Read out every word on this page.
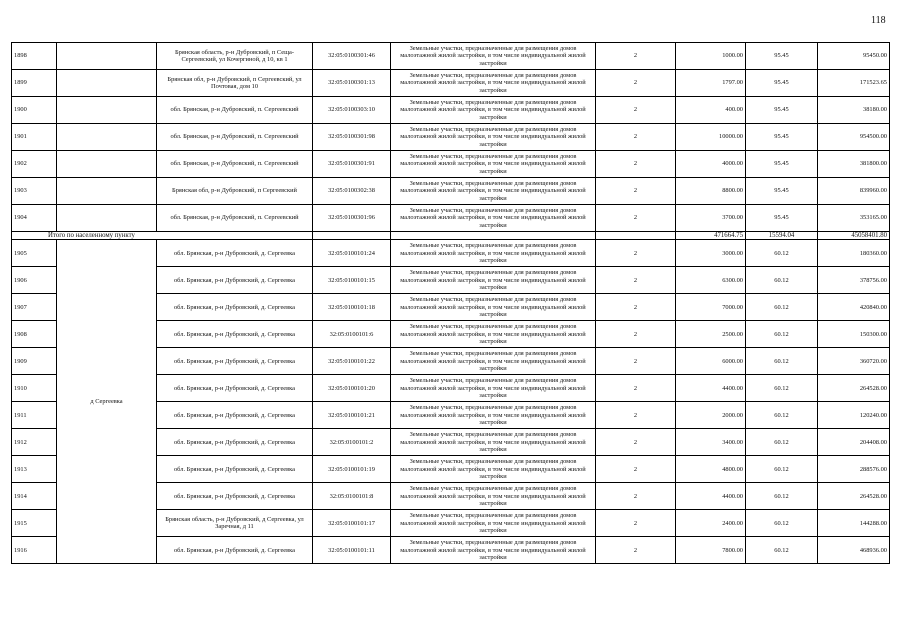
118
1898		Брянская область, р-н Дубровский, п Сеща-Сергеевский, ул Кочергиной, д 10, кв 1	32:05:0100301:46	Земельные участки, предназначенные для размещения домов малоэтажной жилой застройки, в том числе индивидуальной жилой застройки	2	1000.00	95.45	95450.00
1899		Брянская обл, р-н Дубровский, п Сергеевский, ул Почтовая, дом 10	32:05:0100301:13	Земельные участки, предназначенные для размещения домов малоэтажной жилой застройки, в том числе индивидуальной жилой застройки	2	1797.00	95.45	171523.65
1900		обл. Брянская, р-н Дубровский, п. Сергеевский	32:05:0100303:10	Земельные участки, предназначенные для размещения домов малоэтажной жилой застройки, в том числе индивидуальной жилой застройки	2	400.00	95.45	38180.00
1901		обл. Брянская, р-н Дубровский, п. Сергеевский	32:05:0100301:98	Земельные участки, предназначенные для размещения домов малоэтажной жилой застройки, в том числе индивидуальной жилой застройки	2	10000.00	95.45	954500.00
1902		обл. Брянская, р-н Дубровский, п. Сергеевский	32:05:0100301:91	Земельные участки, предназначенные для размещения домов малоэтажной жилой застройки, в том числе индивидуальной жилой застройки	2	4000.00	95.45	381800.00
1903		Брянская обл, р-н Дубровский, п Сергеевский	32:05:0100302:38	Земельные участки, предназначенные для размещения домов малоэтажной жилой застройки, в том числе индивидуальной жилой застройки	2	8800.00	95.45	839960.00
1904		обл. Брянская, р-н Дубровский, п. Сергеевский	32:05:0100301:96	Земельные участки, предназначенные для размещения домов малоэтажной жилой застройки, в том числе индивидуальной жилой застройки	2	3700.00	95.45	353165.00
Итого по населенному пункту						471664.75	15594.04	45058401.80
1905	д Сергеевка	обл. Брянская, р-н Дубровский, д. Сергеевка	32:05:0100101:24	Земельные участки, предназначенные для размещения домов малоэтажной жилой застройки, в том числе индивидуальной жилой застройки	2	3000.00	60.12	180360.00
1906		обл. Брянская, р-н Дубровский, д. Сергеевка	32:05:0100101:15	Земельные участки, предназначенные для размещения домов малоэтажной жилой застройки, в том числе индивидуальной жилой застройки	2	6300.00	60.12	378756.00
1907		обл. Брянская, р-н Дубровский, д. Сергеевка	32:05:0100101:18	Земельные участки, предназначенные для размещения домов малоэтажной жилой застройки, в том числе индивидуальной жилой застройки	2	7000.00	60.12	420840.00
1908		обл. Брянская, р-н Дубровский, д. Сергеевка	32:05:0100101:6	Земельные участки, предназначенные для размещения домов малоэтажной жилой застройки, в том числе индивидуальной жилой застройки	2	2500.00	60.12	150300.00
1909		обл. Брянская, р-н Дубровский, д. Сергеевка	32:05:0100101:22	Земельные участки, предназначенные для размещения домов малоэтажной жилой застройки, в том числе индивидуальной жилой застройки	2	6000.00	60.12	360720.00
1910		обл. Брянская, р-н Дубровский, д. Сергеевка	32:05:0100101:20	Земельные участки, предназначенные для размещения домов малоэтажной жилой застройки, в том числе индивидуальной жилой застройки	2	4400.00	60.12	264528.00
1911		обл. Брянская, р-н Дубровский, д. Сергеевка	32:05:0100101:21	Земельные участки, предназначенные для размещения домов малоэтажной жилой застройки, в том числе индивидуальной жилой застройки	2	2000.00	60.12	120240.00
1912		обл. Брянская, р-н Дубровский, д. Сергеевка	32:05:0100101:2	Земельные участки, предназначенные для размещения домов малоэтажной жилой застройки, в том числе индивидуальной жилой застройки	2	3400.00	60.12	204408.00
1913		обл. Брянская, р-н Дубровский, д. Сергеевка	32:05:0100101:19	Земельные участки, предназначенные для размещения домов малоэтажной жилой застройки, в том числе индивидуальной жилой застройки	2	4800.00	60.12	288576.00
1914		обл. Брянская, р-н Дубровский, д. Сергеевка	32:05:0100101:8	Земельные участки, предназначенные для размещения домов малоэтажной жилой застройки, в том числе индивидуальной жилой застройки	2	4400.00	60.12	264528.00
1915		Брянская область, р-н Дубровский, д Сергеевка, ул Заречная, д 11	32:05:0100101:17	Земельные участки, предназначенные для размещения домов малоэтажной жилой застройки, в том числе индивидуальной жилой застройки	2	2400.00	60.12	144288.00
1916		обл. Брянская, р-н Дубровский, д. Сергеевка	32:05:0100101:11	Земельные участки, предназначенные для размещения домов малоэтажной жилой застройки, в том числе индивидуальной жилой застройки	2	7800.00	60.12	468936.00
